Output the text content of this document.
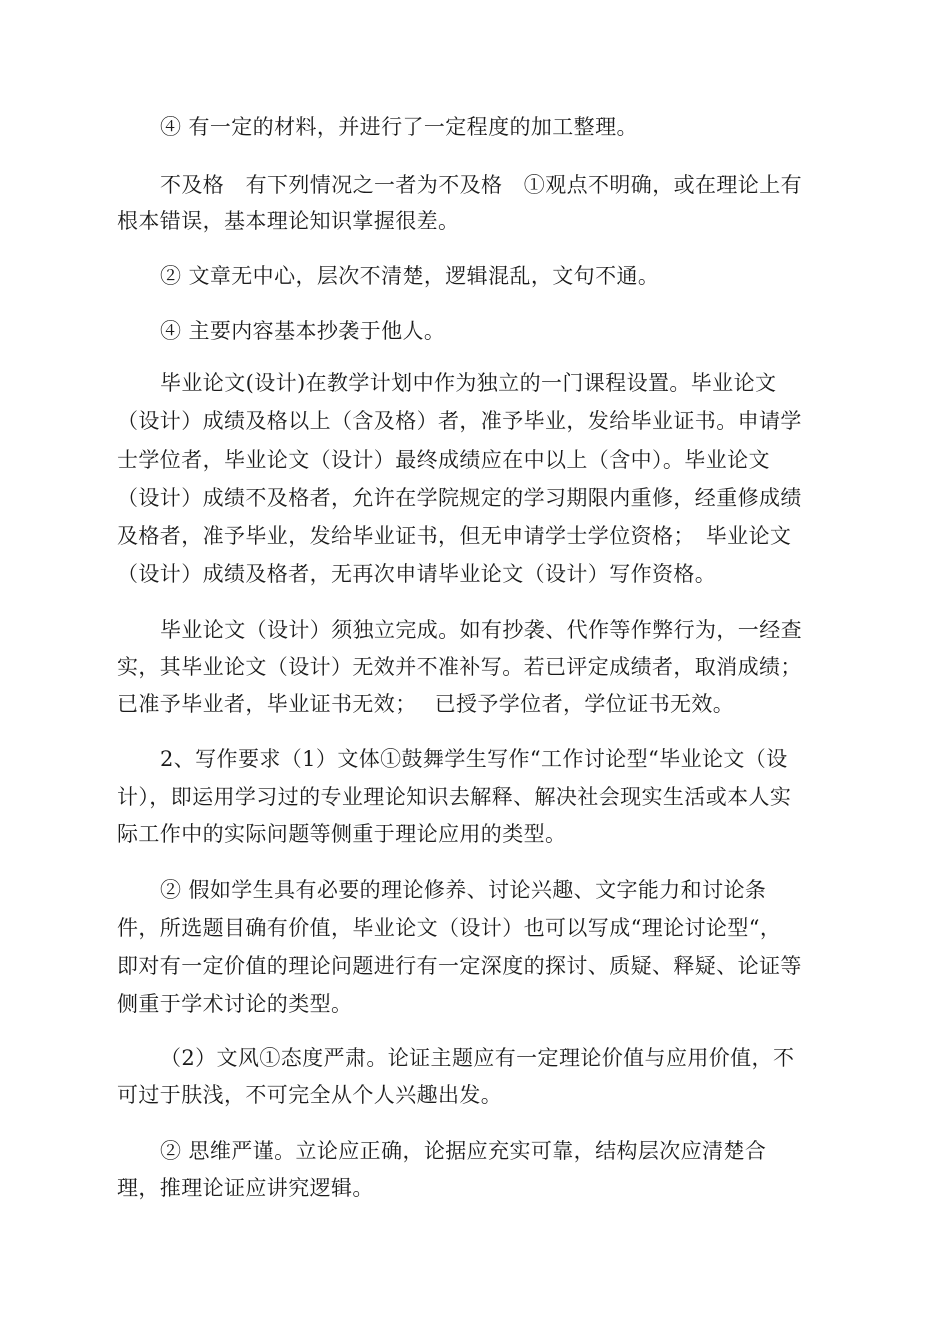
④ 有一定的材料，并进行了一定程度的加工整理。
不及格　有下列情况之一者为不及格　①观点不明确，或在理论上有
根本错误，基本理论知识掌握很差。
② 文章无中心，层次不清楚，逻辑混乱，文句不通。
④ 主要内容基本抄袭于他人。
毕业论文(设计)在教学计划中作为独立的一门课程设置。毕业论文
（设计）成绩及格以上（含及格）者，准予毕业，发给毕业证书。申请学
士学位者，毕业论文（设计）最终成绩应在中以上（含中）。毕业论文
（设计）成绩不及格者，允许在学院规定的学习期限内重修，经重修成绩
及格者，准予毕业，发给毕业证书，但无申请学士学位资格；　毕业论文
（设计）成绩及格者，无再次申请毕业论文（设计）写作资格。
毕业论文（设计）须独立完成。如有抄袭、代作等作弊行为，一经查
实，其毕业论文（设计）无效并不准补写。若已评定成绩者，取消成绩；
已准予毕业者，毕业证书无效；　 已授予学位者，学位证书无效。
2、写作要求（1）文体①鼓舞学生写作“工作讨论型“毕业论文（设
计），即运用学习过的专业理论知识去解释、解决社会现实生活或本人实
际工作中的实际问题等侧重于理论应用的类型。
② 假如学生具有必要的理论修养、讨论兴趣、文字能力和讨论条
件，所选题目确有价值，毕业论文（设计）也可以写成“理论讨论型“，
即对有一定价值的理论问题进行有一定深度的探讨、质疑、释疑、论证等
侧重于学术讨论的类型。
（2）文风①态度严肃。论证主题应有一定理论价值与应用价值，不
可过于肤浅，不可完全从个人兴趣出发。
② 思维严谨。立论应正确，论据应充实可靠，结构层次应清楚合
理，推理论证应讲究逻辑。
